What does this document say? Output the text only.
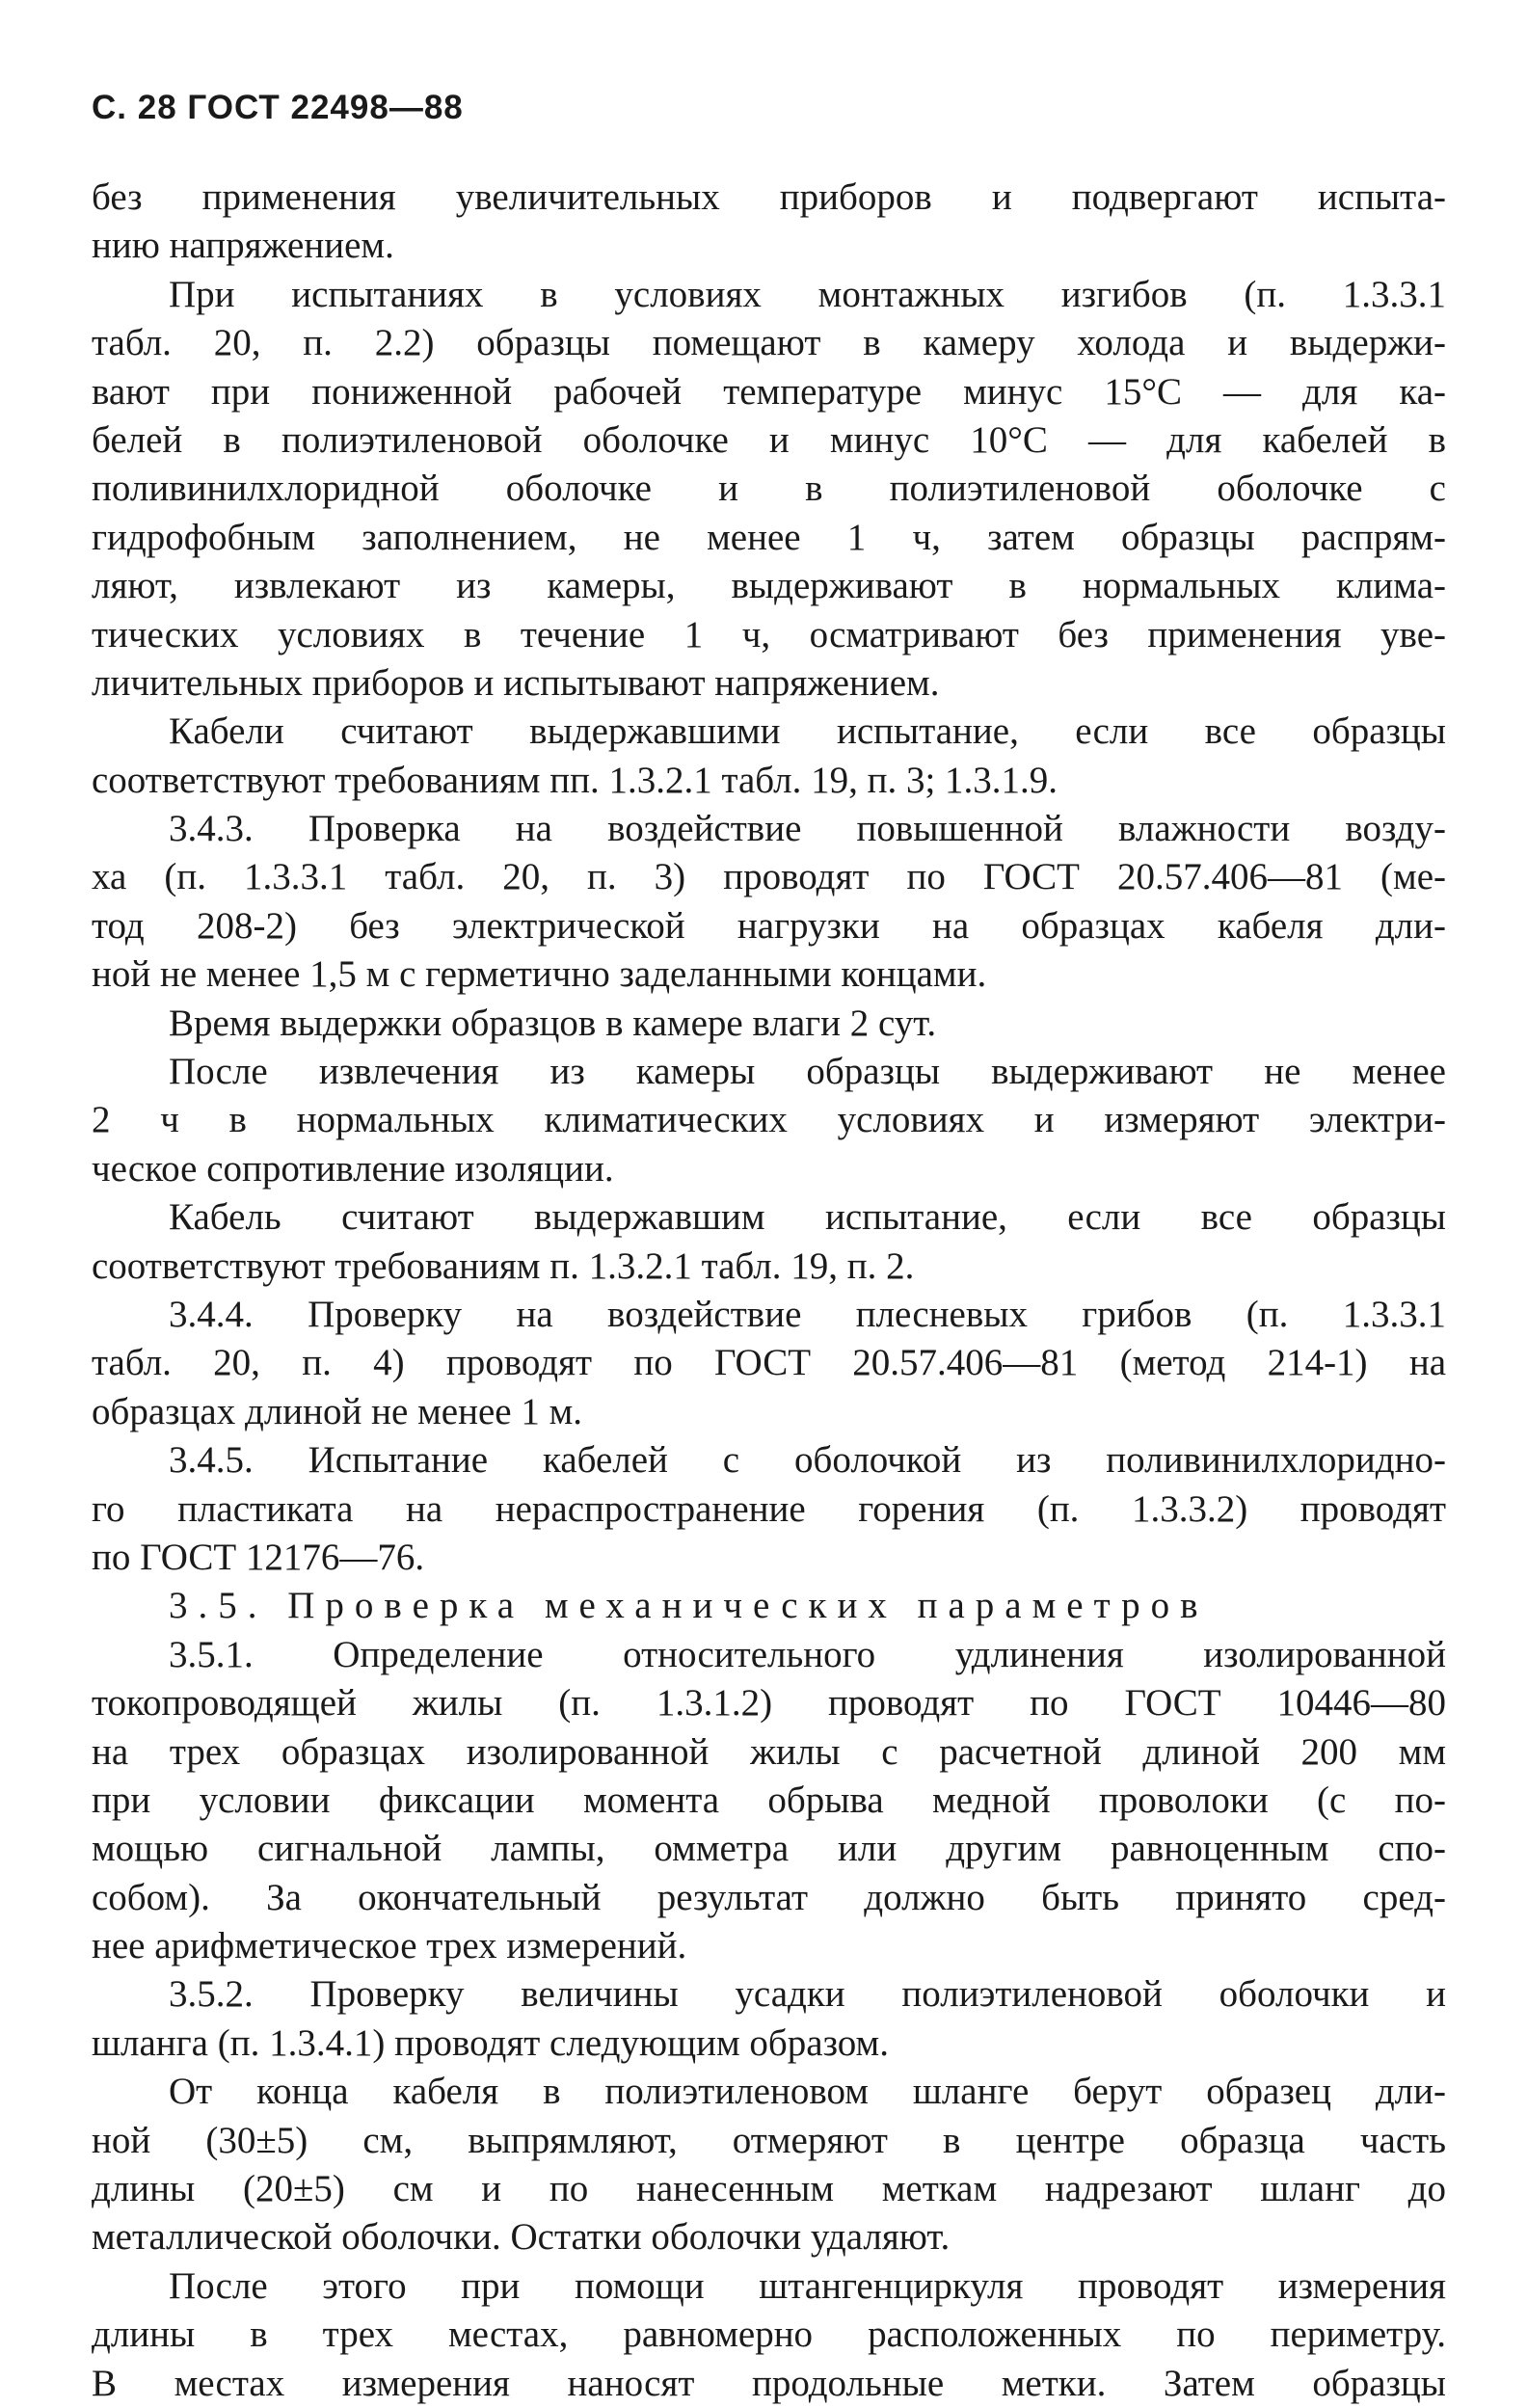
С. 28 ГОСТ 22498—88
без применения увеличительных приборов и подвергают испыта-
нию напряжением.
При испытаниях в условиях монтажных изгибов (п. 1.3.3.1
табл. 20, п. 2.2) образцы помещают в камеру холода и выдержи-
вают при пониженной рабочей температуре минус 15°С — для ка-
белей в полиэтиленовой оболочке и минус 10°С — для кабелей в
поливинилхлоридной оболочке и в полиэтиленовой оболочке с
гидрофобным заполнением, не менее 1 ч, затем образцы распрям-
ляют, извлекают из камеры, выдерживают в нормальных клима-
тических условиях в течение 1 ч, осматривают без применения уве-
личительных приборов и испытывают напряжением.
Кабели считают выдержавшими испытание, если все образцы
соответствуют требованиям пп. 1.3.2.1 табл. 19, п. 3; 1.3.1.9.
3.4.3. Проверка на воздействие повышенной влажности возду-
ха (п. 1.3.3.1 табл. 20, п. 3) проводят по ГОСТ 20.57.406—81 (ме-
тод 208-2) без электрической нагрузки на образцах кабеля дли-
ной не менее 1,5 м с герметично заделанными концами.
Время выдержки образцов в камере влаги 2 сут.
После извлечения из камеры образцы выдерживают не менее
2 ч в нормальных климатических условиях и измеряют электри-
ческое сопротивление изоляции.
Кабель считают выдержавшим испытание, если все образцы
соответствуют требованиям п. 1.3.2.1 табл. 19, п. 2.
3.4.4. Проверку на воздействие плесневых грибов (п. 1.3.3.1
табл. 20, п. 4) проводят по ГОСТ 20.57.406—81 (метод 214-1) на
образцах длиной не менее 1 м.
3.4.5. Испытание кабелей с оболочкой из поливинилхлоридно-
го пластиката на нераспространение горения (п. 1.3.3.2) проводят
по ГОСТ 12176—76.
3.5. Проверка механических параметров
3.5.1. Определение относительного удлинения изолированной
токопроводящей жилы (п. 1.3.1.2) проводят по ГОСТ 10446—80
на трех образцах изолированной жилы с расчетной длиной 200 мм
при условии фиксации момента обрыва медной проволоки (с по-
мощью сигнальной лампы, омметра или другим равноценным спо-
собом). За окончательный результат должно быть принято сред-
нее арифметическое трех измерений.
3.5.2. Проверку величины усадки полиэтиленовой оболочки и
шланга (п. 1.3.4.1) проводят следующим образом.
От конца кабеля в полиэтиленовом шланге берут образец дли-
ной (30±5) см, выпрямляют, отмеряют в центре образца часть
длины (20±5) см и по нанесенным меткам надрезают шланг до
металлической оболочки. Остатки оболочки удаляют.
После этого при помощи штангенциркуля проводят измерения
длины в трех местах, равномерно расположенных по периметру.
В местах измерения наносят продольные метки. Затем образцы
